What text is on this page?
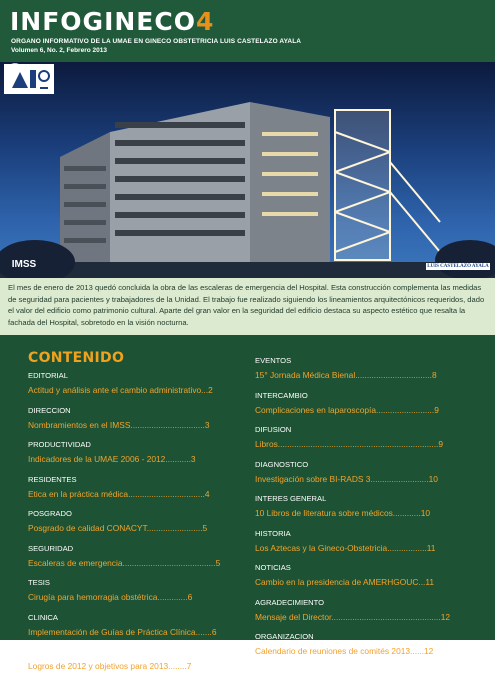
INFOGINECO4
ORGANO INFORMATIVO DE LA UMAE EN GINECO OBSTETRICIA LUIS CASTELAZO AYALA
Volumen 6, No. 2, Febrero 2013
IMSS	LUIS CASTELAZO AYALA

El mes de enero de 2013 quedó concluida la obra de las escaleras de emergencia del Hospital. Esta construcción complementa las medidas de seguridad para pacientes y trabajadores de la Unidad. El trabajo fue realizado siguiendo los lineamientos arquitectónicos requeridos, dado el valor del edificio como patrimonio cultural. Aparte del gran valor en la seguridad del edificio destaca su aspecto estético que resalta la fachada del Hospital, sobretodo en la visión nocturna.

CONTENIDO
EDITORIAL
Actitud y análisis ante el cambio administrativo...2
DIRECCION
Nombramientos en el IMSS................................3
PRODUCTIVIDAD
Indicadores de la UMAE 2006 - 2012...........3
RESIDENTES
Etica en la práctica médica.................................4
POSGRADO
Posgrado de calidad CONACYT........................5
SEGURIDAD
Escaleras de emergencia........................................5
TESIS
Cirugía para hemorragia obstétrica.............6
CLINICA
Implementación de Guías de Práctica Clínica.......6
PRODUCTIVIDAD
Logros de 2012 y objetivos para 2013........7
EVENTOS
15° Jornada Médica Bienal.................................8
INTERCAMBIO
Complicaciones en laparoscopía.........................9
DIFUSION
Libros.....................................................................9
DIAGNOSTICO
Investigación sobre BI-RADS 3.........................10
INTERES GENERAL
10 Libros de literatura sobre médicos............10
HISTORIA
Los Aztecas y la Gineco-Obstetricia.................11
NOTICIAS
Cambio en la presidencia de AMERHGOUC...11
AGRADECIMIENTO
Mensaje del Director...............................................12
ORGANIZACION
Calendario de reuniones de comités 2013......12
